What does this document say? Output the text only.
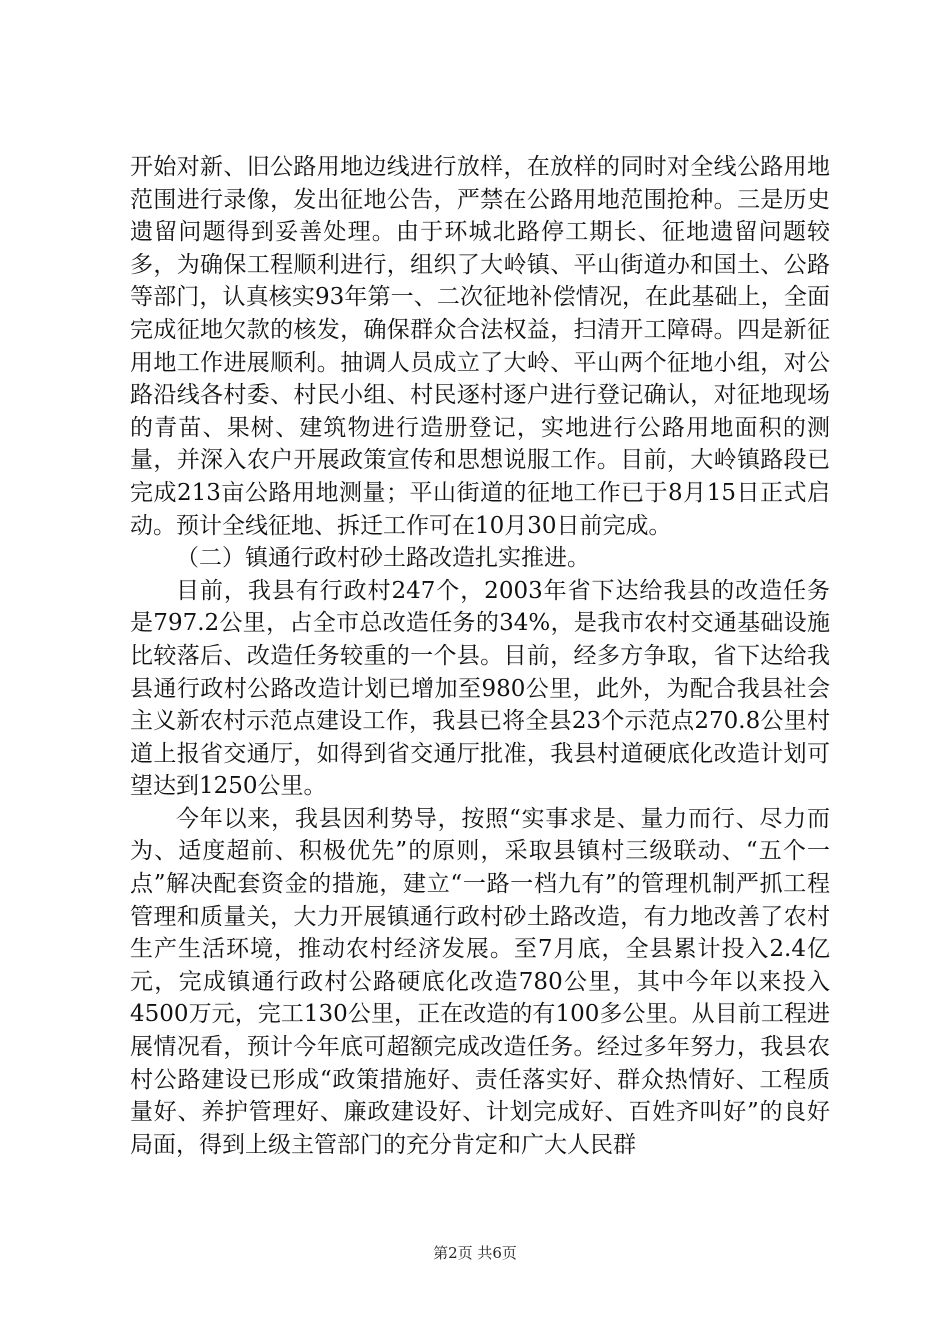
开始对新、旧公路用地边线进行放样，在放样的同时对全线公路用地范围进行录像，发出征地公告，严禁在公路用地范围抢种。三是历史遗留问题得到妥善处理。由于环城北路停工期长、征地遗留问题较多，为确保工程顺利进行，组织了大岭镇、平山街道办和国土、公路等部门，认真核实93年第一、二次征地补偿情况，在此基础上，全面完成征地欠款的核发，确保群众合法权益，扫清开工障碍。四是新征用地工作进展顺利。抽调人员成立了大岭、平山两个征地小组，对公路沿线各村委、村民小组、村民逐村逐户进行登记确认，对征地现场的青苗、果树、建筑物进行造册登记，实地进行公路用地面积的测量，并深入农户开展政策宣传和思想说服工作。目前，大岭镇路段已完成213亩公路用地测量；平山街道的征地工作已于8月15日正式启动。预计全线征地、拆迁工作可在10月30日前完成。

（二）镇通行政村砂土路改造扎实推进。

目前，我县有行政村247个，2003年省下达给我县的改造任务是797.2公里，占全市总改造任务的34%，是我市农村交通基础设施比较落后、改造任务较重的一个县。目前，经多方争取，省下达给我县通行政村公路改造计划已增加至980公里，此外，为配合我县社会主义新农村示范点建设工作，我县已将全县23个示范点270.8公里村道上报省交通厅，如得到省交通厅批准，我县村道硬底化改造计划可望达到1250公里。

今年以来，我县因利势导，按照“实事求是、量力而行、尽力而为、适度超前、积极优先”的原则，采取县镇村三级联动、“五个一点”解决配套资金的措施，建立“一路一档九有”的管理机制严抓工程管理和质量关，大力开展镇通行政村砂土路改造，有力地改善了农村生产生活环境，推动农村经济发展。至7月底，全县累计投入2.4亿元，完成镇通行政村公路硬底化改造780公里，其中今年以来投入4500万元，完工130公里，正在改造的有100多公里。从目前工程进展情况看，预计今年底可超额完成改造任务。经过多年努力，我县农村公路建设已形成“政策措施好、责任落实好、群众热情好、工程质量好、养护管理好、廉政建设好、计划完成好、百姓齐叫好”的良好局面，得到上级主管部门的充分肯定和广大人民群

第2页 共6页
